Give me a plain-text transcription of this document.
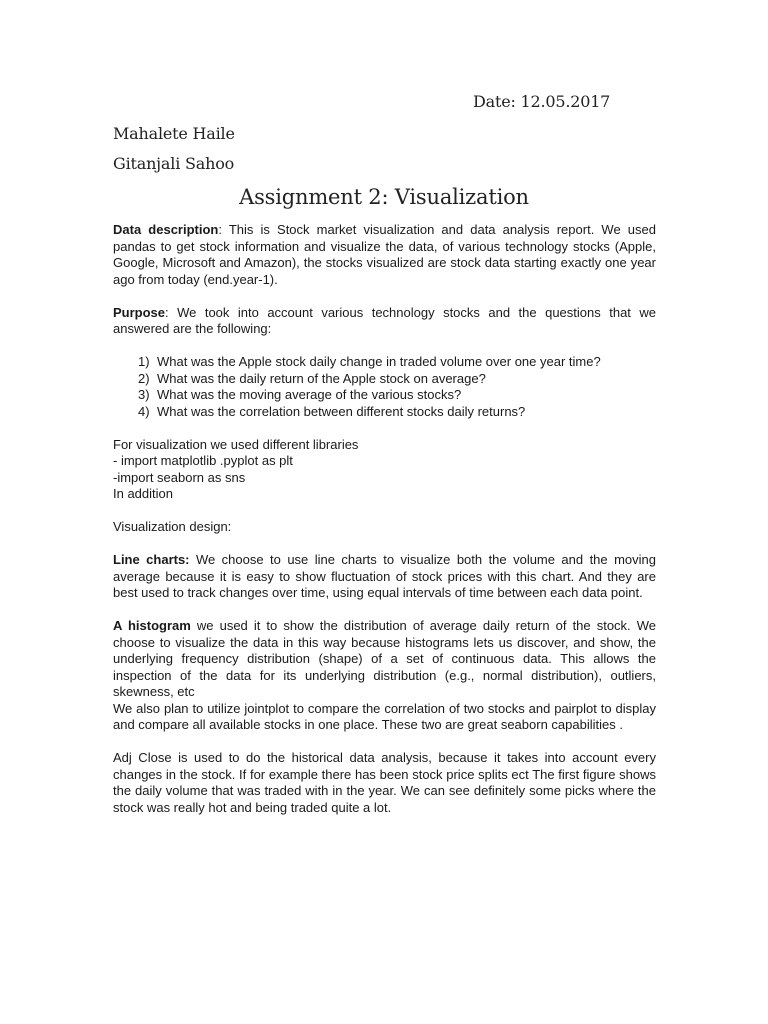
Date: 12.05.2017
Mahalete Haile
Gitanjali Sahoo
Assignment 2: Visualization

Data description: This is Stock market visualization and data analysis report. We used pandas to get stock information and visualize the data, of various technology stocks (Apple, Google, Microsoft and Amazon), the stocks visualized are stock data starting exactly one year ago from today (end.year-1).

Purpose: We took into account various technology stocks and the questions that we answered are the following:

1) What was the Apple stock daily change in traded volume over one year time?
2) What was the daily return of the Apple stock on average?
3) What was the moving average of the various stocks?
4) What was the correlation between different stocks daily returns?

For visualization we used different libraries

- import matplotlib .pyplot as plt

-import seaborn as sns

In addition

Visualization design:

Line charts: We choose to use line charts to visualize both the volume and the moving average because it is easy to show fluctuation of stock prices with this chart. And they are best used to track changes over time, using equal intervals of time between each data point.

A histogram we used it to show the distribution of average daily return of the stock. We choose to visualize the data in this way because histograms lets us discover, and show, the underlying frequency distribution (shape) of a set of continuous data. This allows the inspection of the data for its underlying distribution (e.g., normal distribution), outliers, skewness, etc

We also plan to utilize jointplot to compare the correlation of two stocks and pairplot to display and compare all available stocks in one place. These two are great seaborn capabilities .

Adj Close is used to do the historical data analysis, because it takes into account every changes in the stock. If for example there has been stock price splits ect The first figure shows the daily volume that was traded with in the year. We can see definitely some picks where the stock was really hot and being traded quite a lot.
